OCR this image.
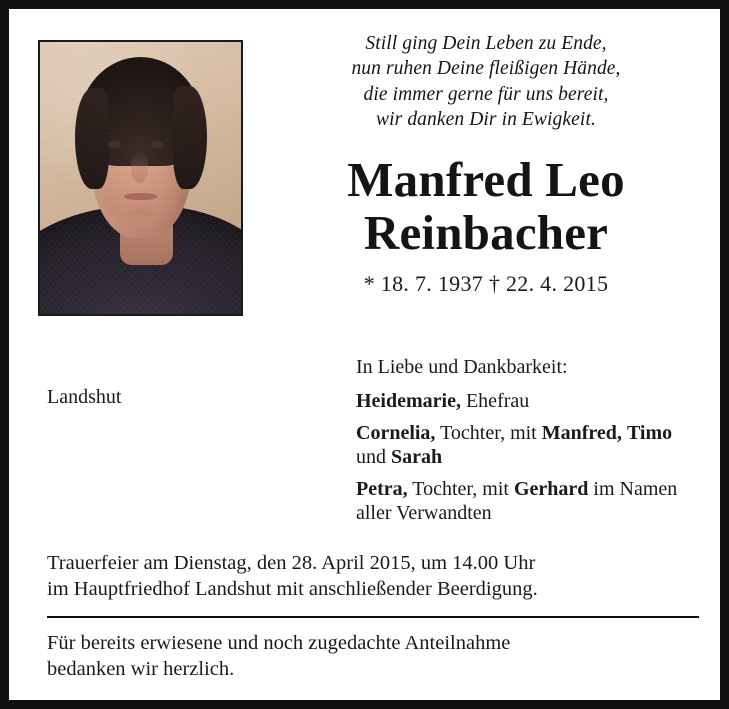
Still ging Dein Leben zu Ende,
nun ruhen Deine fleißigen Hände,
die immer gerne für uns bereit,
wir danken Dir in Ewigkeit.
Manfred Leo
Reinbacher
* 18. 7. 1937 † 22. 4. 2015
Landshut
In Liebe und Dankbarkeit:
Heidemarie, Ehefrau
Cornelia, Tochter, mit Manfred, Timo und Sarah
Petra, Tochter, mit Gerhard im Namen aller Verwandten
Trauerfeier am Dienstag, den 28. April 2015, um 14.00 Uhr
im Hauptfriedhof Landshut mit anschließender Beerdigung.
Für bereits erwiesene und noch zugedachte Anteilnahme
bedanken wir herzlich.
